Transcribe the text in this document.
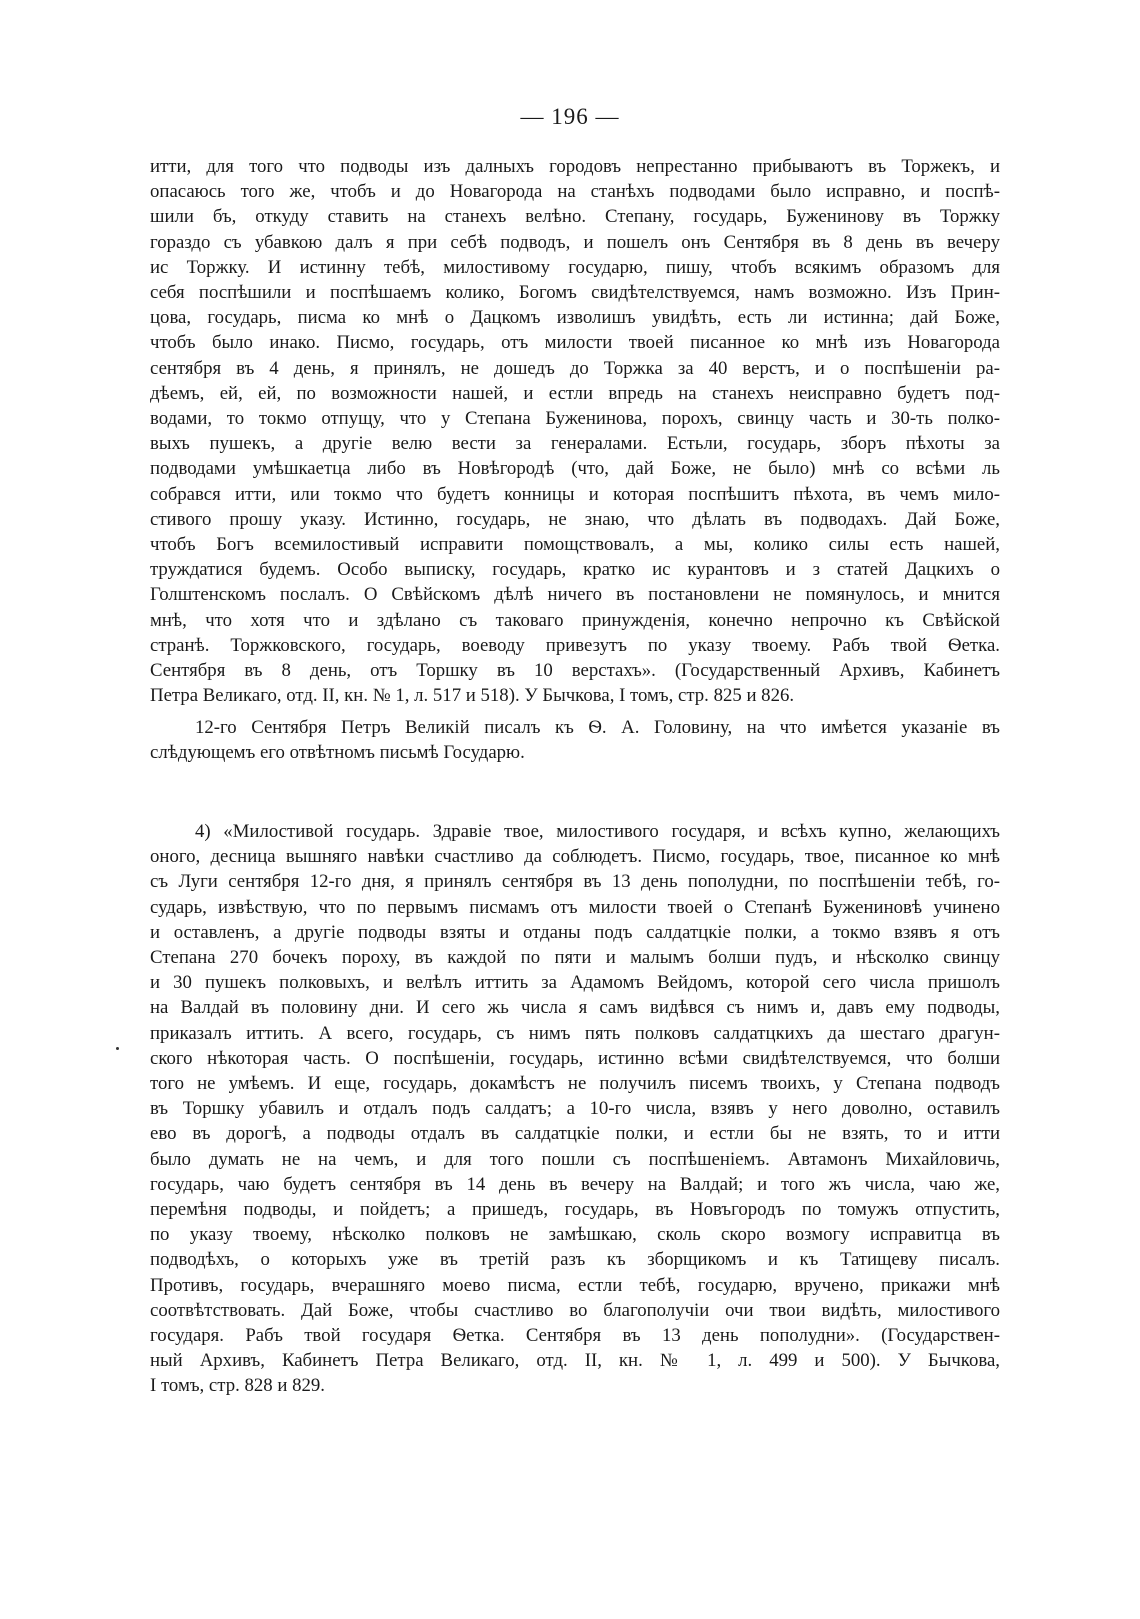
— 196 —

итти, для того что подводы изъ далныхъ городовъ непрестанно прибываютъ въ Торжекъ, и
опасаюсь того же, чтобъ и до Новагорода на станѣхъ подводами было исправно, и поспѣ-
шили бъ, откуду ставить на станехъ велѣно. Степану, государь, Буженинову въ Торжку
гораздо съ убавкою далъ я при себѣ подводъ, и пошелъ онъ Сентября въ 8 день въ вечеру
ис Торжку. И истинну тебѣ, милостивому государю, пишу, чтобъ всякимъ образомъ для
себя поспѣшили и поспѣшаемъ колико, Богомъ свидѣтелствуемся, намъ возможно. Изъ Прин-
цова, государь, писма ко мнѣ о Дацкомъ изволишъ увидѣть, есть ли истинна; дай Боже,
чтобъ было инако. Писмо, государь, отъ милости твоей писанное ко мнѣ изъ Новагорода
сентября въ 4 день, я принялъ, не дошедъ до Торжка за 40 верстъ, и о поспѣшеніи ра-
дѣемъ, ей, ей, по возможности нашей, и естли впредь на станехъ неисправно будетъ под-
водами, то токмо отпущу, что у Степана Буженинова, порохъ, свинцу часть и 30-ть полко-
выхъ пушекъ, а другіе велю вести за генералами. Естьли, государь, зборъ пѣхоты за
подводами умѣшкаетца либо въ Новѣгородѣ (что, дай Боже, не было) мнѣ со всѣми ль
собрався итти, или токмо что будетъ конницы и которая поспѣшитъ пѣхота, въ чемъ мило-
стивого прошу указу. Истинно, государь, не знаю, что дѣлать въ подводахъ. Дай Боже,
чтобъ Богъ всемилостивый исправити помощствовалъ, а мы, колико силы есть нашей,
труждатися будемъ. Особо выписку, государь, кратко ис курантовъ и з статей Дацкихъ о
Голштенскомъ послалъ. О Свѣйскомъ дѣлѣ ничего въ постановлени не помянулось, и мнится
мнѣ, что хотя что и здѣлано съ таковаго принужденія, конечно непрочно къ Свѣйской
странѣ. Торжковского, государь, воеводу привезутъ по указу твоему. Рабъ твой Ѳетка.
Сентября въ 8 день, отъ Торшку въ 10 верстахъ». (Государственный Архивъ, Кабинетъ
Петра Великаго, отд. II, кн. № 1, л. 517 и 518). У Бычкова, I томъ, стр. 825 и 826.

12-го Сентября Петръ Великій писалъ къ Ѳ. А. Головину, на что имѣется указаніе въ
слѣдующемъ его отвѣтномъ письмѣ Государю.

4) «Милостивой государь. Здравіе твое, милостивого государя, и всѣхъ купно, желающихъ
оного, десница вышняго навѣки счастливо да соблюдетъ. Писмо, государь, твое, писанное ко мнѣ
съ Луги сентября 12-го дня, я принялъ сентября въ 13 день пополудни, по поспѣшеніи тебѣ, го-
сударь, извѣствую, что по первымъ писмамъ отъ милости твоей о Степанѣ Бужениновѣ учинено
и оставленъ, а другіе подводы взяты и отданы подъ салдатцкіе полки, а токмо взявъ я отъ
Степана 270 бочекъ пороху, въ каждой по пяти и малымъ болши пудъ, и нѣсколко свинцу
и 30 пушекъ полковыхъ, и велѣлъ иттить за Адамомъ Вейдомъ, которой сего числа пришолъ
на Валдай въ половину дни. И сего жь числа я самъ видѣвся съ нимъ и, давъ ему подводы,
приказалъ иттить. А всего, государь, съ нимъ пять полковъ салдатцкихъ да шестаго драгун-
ского нѣкоторая часть. О поспѣшеніи, государь, истинно всѣми свидѣтелствуемся, что болши
того не умѣемъ. И еще, государь, докамѣстъ не получилъ писемъ твоихъ, у Степана подводъ
въ Торшку убавилъ и отдалъ подъ салдатъ; а 10-го числа, взявъ у него доволно, оставилъ
ево въ дорогѣ, а подводы отдалъ въ салдатцкіе полки, и естли бы не взять, то и итти
было думать не на чемъ, и для того пошли съ поспѣшеніемъ. Автамонъ Михайловичь,
государь, чаю будетъ сентября въ 14 день въ вечеру на Валдай; и того жъ числа, чаю же,
перемѣня подводы, и пойдетъ; а пришедъ, государь, въ Новъгородъ по томужъ отпустить,
по указу твоему, нѣсколко полковъ не замѣшкаю, сколь скоро возмогу исправитца въ
подводѣхъ, о которыхъ уже въ третій разъ къ зборщикомъ и къ Татищеву писалъ.
Противъ, государь, вчерашняго моево писма, естли тебѣ, государю, вручено, прикажи мнѣ
соотвѣтствовать. Дай Боже, чтобы счастливо во благополучіи очи твои видѣть, милостивого
государя. Рабъ твой государя Ѳетка. Сентября въ 13 день пополудни». (Государствен-
ный Архивъ, Кабинетъ Петра Великаго, отд. II, кн. № 1, л. 499 и 500). У Бычкова,
I томъ, стр. 828 и 829.
